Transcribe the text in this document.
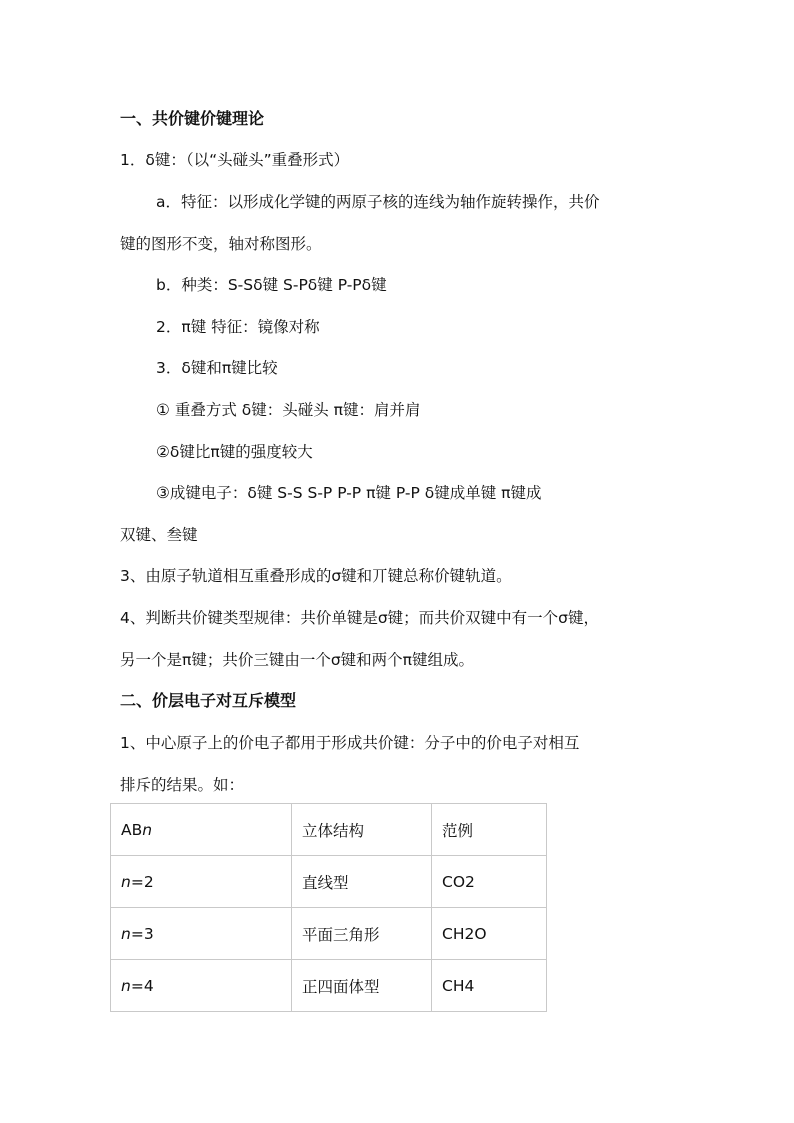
一、共价键价键理论
1．δ键：（以“头碰头”重叠形式）
a．特征：以形成化学键的两原子核的连线为轴作旋转操作，共价
键的图形不变，轴对称图形。
b．种类：S-Sδ键 S-Pδ键 P-Pδ键
2．π键 特征：镜像对称
3．δ键和π键比较
① 重叠方式 δ键：头碰头 π键：肩并肩
②δ键比π键的强度较大
③成键电子：δ键 S-S S-P P-P π键 P-P δ键成单键 π键成
双键、叁键
3、由原子轨道相互重叠形成的σ键和丌键总称价键轨道。
4、判断共价键类型规律：共价单键是σ键；而共价双键中有一个σ键，
另一个是π键；共价三键由一个σ键和两个π键组成。
二、价层电子对互斥模型
1、中心原子上的价电子都用于形成共价键：分子中的价电子对相互
排斥的结果。如：
ABn	立体结构	范例
n=2	直线型	CO2
n=3	平面三角形	CH2O
n=4	正四面体型	CH4
